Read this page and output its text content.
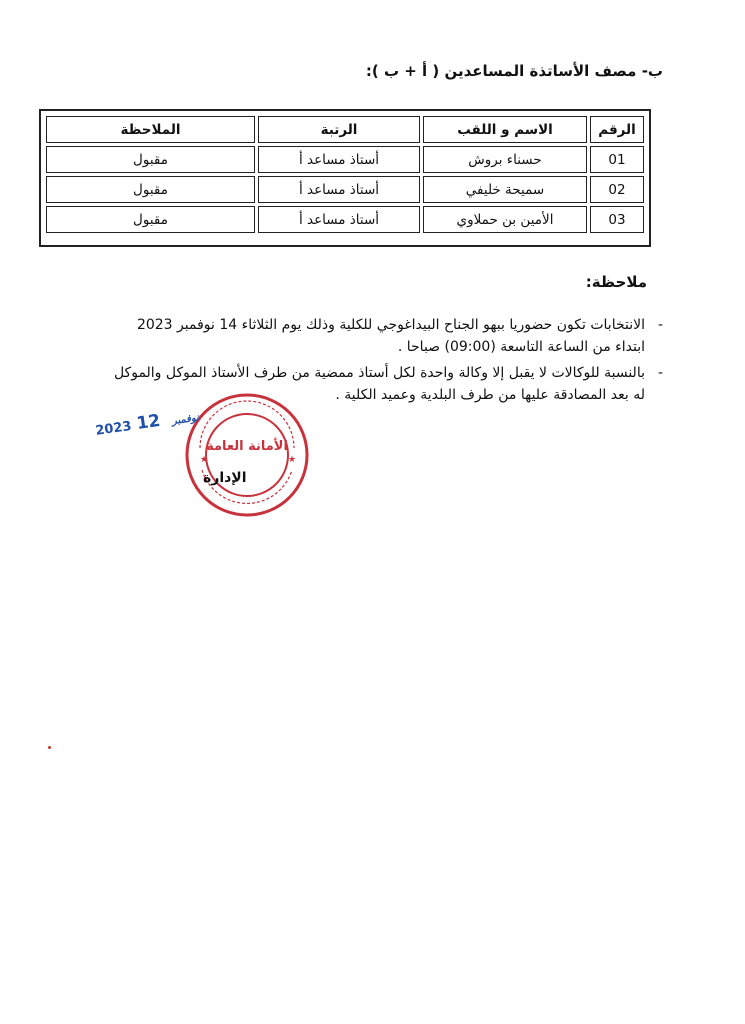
ب- مصف الأساتذة المساعدين ( أ + ب ):
الرقم	الاسم و اللقب	الرتبة	الملاحظة
01	حسناء بروش	أستاذ مساعد أ	مقبول
02	سميحة خليفي	أستاذ مساعد أ	مقبول
03	الأمين بن حملاوي	أستاذ مساعد أ	مقبول
ملاحظة:
-
الانتخابات تكون حضوريا ببهو الجناح البيداغوجي للكلية وذلك يوم الثلاثاء 14 نوفمبر 2023 ابتداء من الساعة التاسعة (09:00) صباحا .
-
بالنسبة للوكالات لا يقبل إلا وكالة واحدة لكل أستاذ ممضية من طرف الأستاذ الموكل والموكل له بعد المصادقة عليها من طرف البلدية وعميد الكلية .
★	★
الأمانة العامة
الإدارة
2023	نوفمبر 12
